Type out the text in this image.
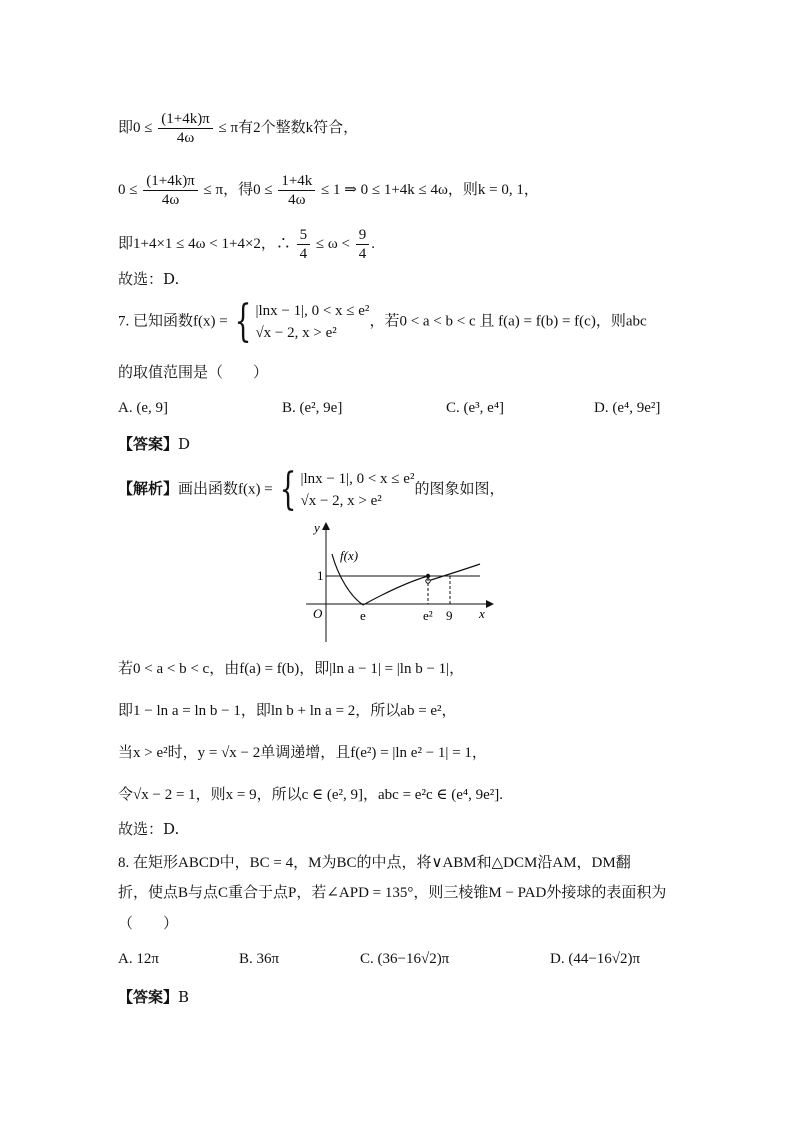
即$0 \le \frac{(1+4k)\pi}{4\omega} \le \pi$有2个整数k符合，
$0 \le \frac{(1+4k)\pi}{4\omega} \le \pi$，得$0 \le \frac{1+4k}{4\omega} \le 1$ ⇒ 0 ≤ 1+4k ≤ 4ω，则k = 0, 1，
即1+4×1 ≤ 4ω < 1+4×2，∴ $\frac{5}{4} \le \omega < \frac{9}{4}$ .
故选：D.
7. 已知函数f(x) = { |lnx − 1|, 0 < x ≤ e²
√x − 2, x > e²
，若0 < a < b < c 且 f(a) = f(b) = f(c)，则abc
的取值范围是（　　）
A. (e, 9]	B. (e², 9e]	C. (e³, e⁴]	D. (e⁴, 9e²]
【答案】D
【解析】画出函数f(x) = { |lnx − 1|, 0 < x ≤ e²
√x − 2, x > e²
的图象如图，
y
x
O
f(x)
1
e	e² 9
若0 < a < b < c，由f(a) = f(b)，即|ln a − 1| = |ln b − 1|，
即1 − ln a = ln b − 1，即ln b + ln a = 2，所以ab = e²，
当x > e²时，y = √x − 2单调递增，且f(e²) = |ln e² − 1| = 1，
令√x − 2 = 1，则x = 9，所以c ∈ (e², 9]，abc = e²c ∈ (e⁴, 9e²].
故选：D.
8. 在矩形ABCD中，BC = 4，M为BC的中点，将∨ABM和△DCM沿AM，DM翻
折，使点B与点C重合于点P，若∠APD = 135°，则三棱锥M − PAD外接球的表面积为
（　　）
A. 12π	B. 36π	C. (36−16√2)π	D. (44−16√2)π
【答案】B
